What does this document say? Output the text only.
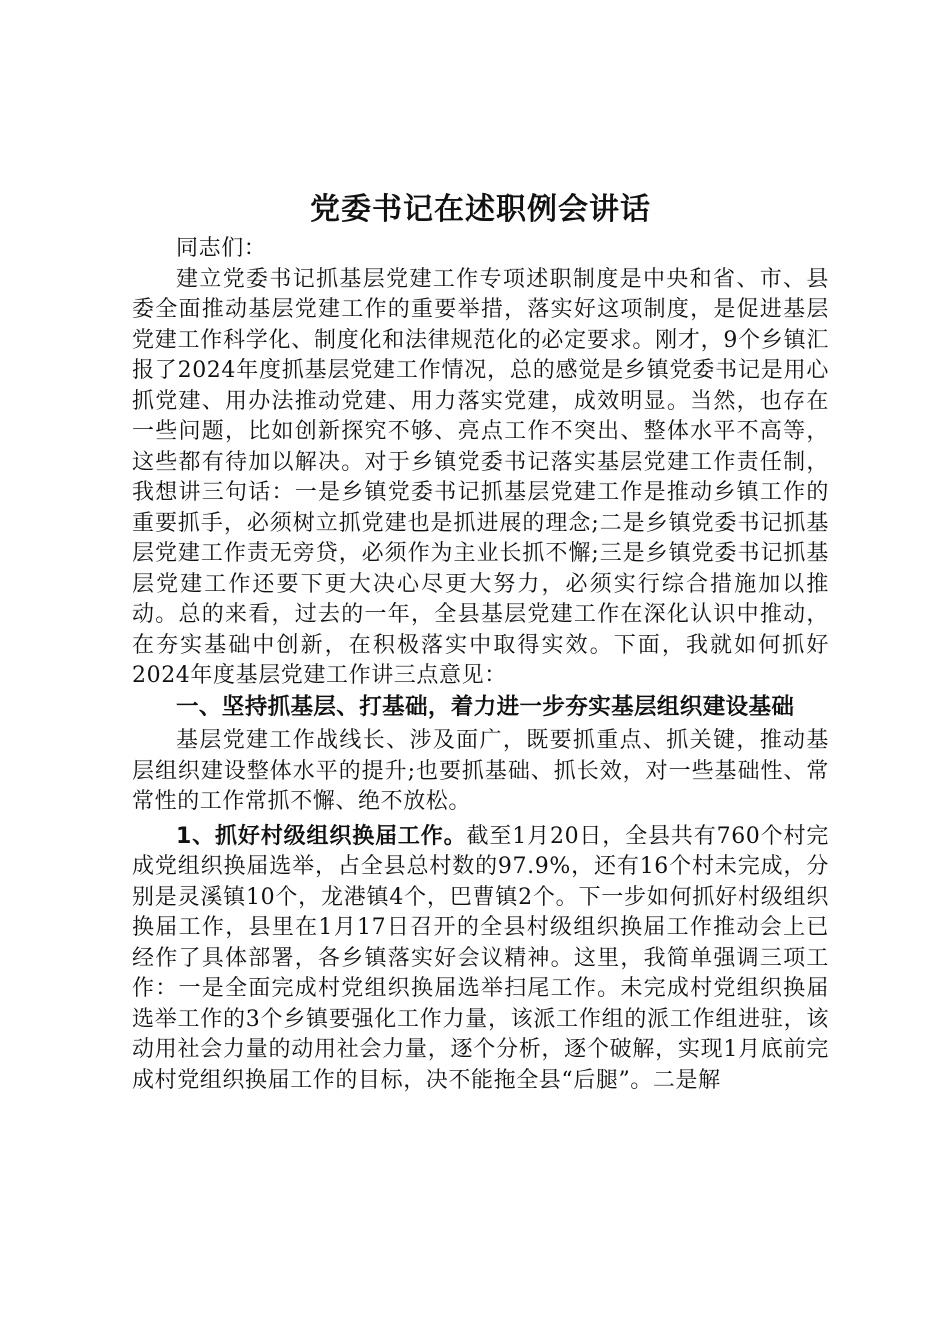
党委书记在述职例会讲话

同志们：

建立党委书记抓基层党建工作专项述职制度是中央和省、市、县委全面推动基层党建工作的重要举措，落实好这项制度，是促进基层党建工作科学化、制度化和法律规范化的必定要求。刚才，9个乡镇汇报了2024年度抓基层党建工作情况，总的感觉是乡镇党委书记是用心抓党建、用办法推动党建、用力落实党建，成效明显。当然，也存在一些问题，比如创新探究不够、亮点工作不突出、整体水平不高等，这些都有待加以解决。对于乡镇党委书记落实基层党建工作责任制，我想讲三句话：一是乡镇党委书记抓基层党建工作是推动乡镇工作的重要抓手，必须树立抓党建也是抓进展的理念;二是乡镇党委书记抓基层党建工作责无旁贷，必须作为主业长抓不懈;三是乡镇党委书记抓基层党建工作还要下更大决心尽更大努力，必须实行综合措施加以推动。总的来看，过去的一年，全县基层党建工作在深化认识中推动，在夯实基础中创新，在积极落实中取得实效。下面，我就如何抓好2024年度基层党建工作讲三点意见：

一、坚持抓基层、打基础，着力进一步夯实基层组织建设基础

基层党建工作战线长、涉及面广，既要抓重点、抓关键，推动基层组织建设整体水平的提升;也要抓基础、抓长效，对一些基础性、常常性的工作常抓不懈、绝不放松。

1、抓好村级组织换届工作。截至1月20日，全县共有760个村完成党组织换届选举，占全县总村数的97.9%，还有16个村未完成，分别是灵溪镇10个，龙港镇4个，巴曹镇2个。下一步如何抓好村级组织换届工作，县里在1月17日召开的全县村级组织换届工作推动会上已经作了具体部署，各乡镇落实好会议精神。这里，我简单强调三项工作：一是全面完成村党组织换届选举扫尾工作。未完成村党组织换届选举工作的3个乡镇要强化工作力量，该派工作组的派工作组进驻，该动用社会力量的动用社会力量，逐个分析，逐个破解，实现1月底前完成村党组织换届工作的目标，决不能拖全县“后腿”。二是解
